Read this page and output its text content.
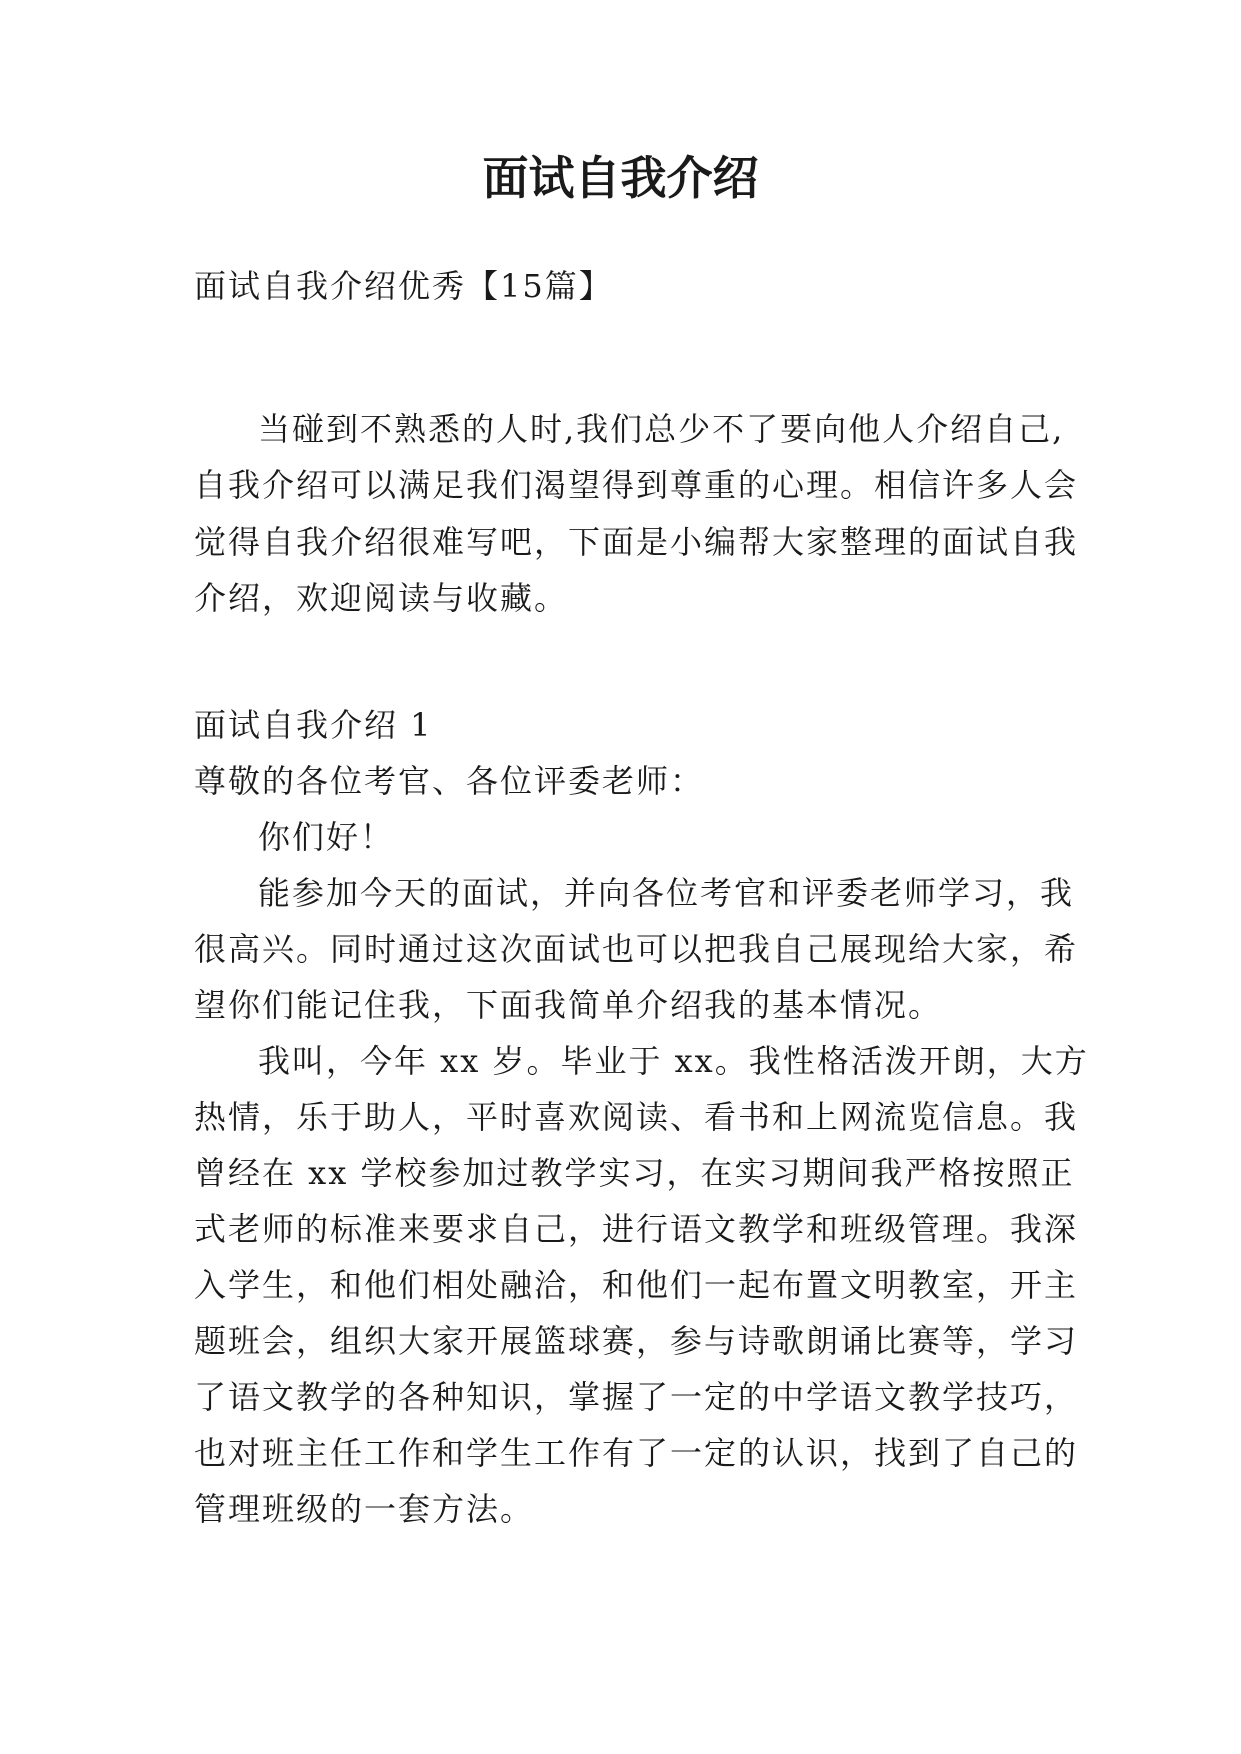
面试自我介绍
面试自我介绍优秀【15篇】
当碰到不熟悉的人时,我们总少不了要向他人介绍自己,
自我介绍可以满足我们渴望得到尊重的心理。相信许多人会
觉得自我介绍很难写吧，下面是小编帮大家整理的面试自我
介绍，欢迎阅读与收藏。
面试自我介绍 1
尊敬的各位考官、各位评委老师：
你们好！
能参加今天的面试，并向各位考官和评委老师学习，我
很高兴。同时通过这次面试也可以把我自己展现给大家，希
望你们能记住我，下面我简单介绍我的基本情况。
我叫，今年 xx 岁。毕业于 xx。我性格活泼开朗，大方
热情，乐于助人，平时喜欢阅读、看书和上网流览信息。我
曾经在 xx 学校参加过教学实习，在实习期间我严格按照正
式老师的标准来要求自己，进行语文教学和班级管理。我深
入学生，和他们相处融洽，和他们一起布置文明教室，开主
题班会，组织大家开展篮球赛，参与诗歌朗诵比赛等，学习
了语文教学的各种知识，掌握了一定的中学语文教学技巧，
也对班主任工作和学生工作有了一定的认识，找到了自己的
管理班级的一套方法。
